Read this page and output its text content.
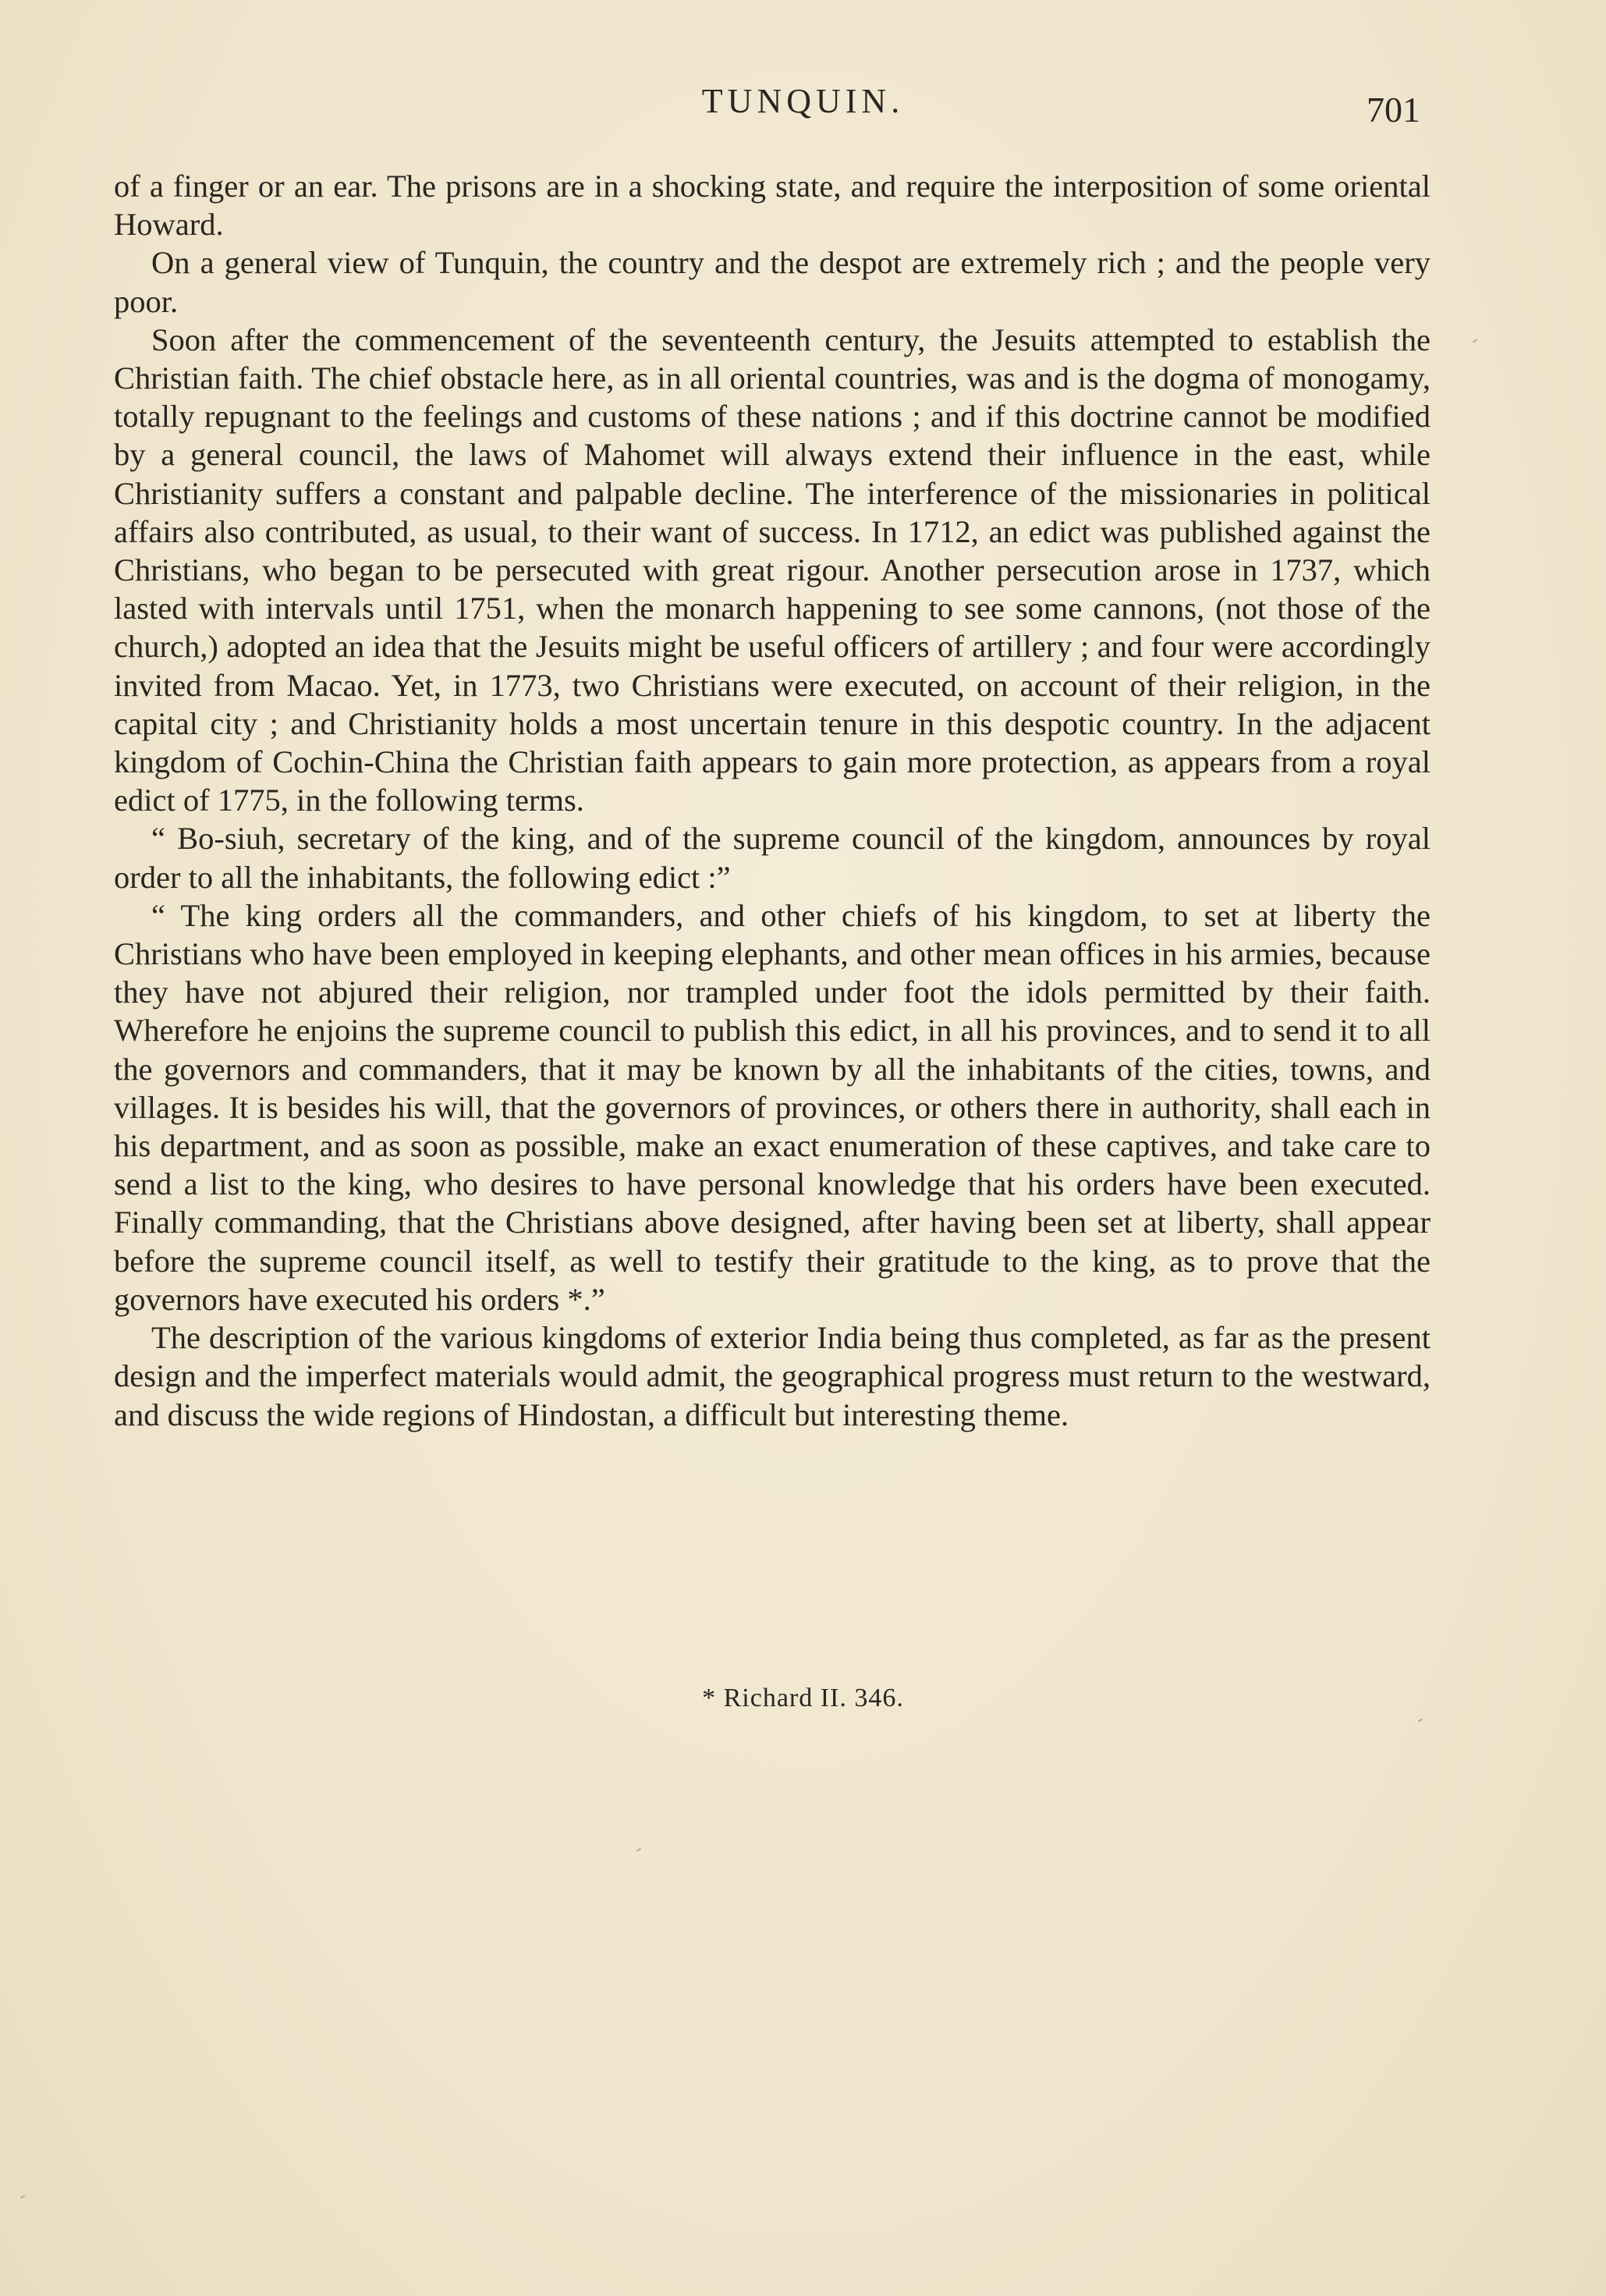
TUNQUIN.	701

of a finger or an ear. The prisons are in a shocking state, and require the interposition of some oriental Howard.

On a general view of Tunquin, the country and the despot are extremely rich ; and the people very poor.

Soon after the commencement of the seventeenth century, the Jesuits attempted to establish the Christian faith. The chief obstacle here, as in all oriental countries, was and is the dogma of monogamy, totally repugnant to the feelings and customs of these nations ; and if this doctrine cannot be modified by a general council, the laws of Mahomet will always extend their influence in the east, while Christianity suffers a constant and palpable decline. The interference of the missionaries in political affairs also contributed, as usual, to their want of success. In 1712, an edict was published against the Christians, who began to be persecuted with great rigour. Another persecution arose in 1737, which lasted with intervals until 1751, when the monarch happening to see some cannons, (not those of the church,) adopted an idea that the Jesuits might be useful officers of artillery ; and four were accordingly invited from Macao. Yet, in 1773, two Christians were executed, on account of their religion, in the capital city ; and Christianity holds a most uncertain tenure in this despotic country. In the adjacent kingdom of Cochin-China the Christian faith appears to gain more protection, as appears from a royal edict of 1775, in the following terms.

“ Bo-siuh, secretary of the king, and of the supreme council of the kingdom, announces by royal order to all the inhabitants, the following edict :”

“ The king orders all the commanders, and other chiefs of his kingdom, to set at liberty the Christians who have been employed in keeping elephants, and other mean offices in his armies, because they have not abjured their religion, nor trampled under foot the idols permitted by their faith. Wherefore he enjoins the supreme council to publish this edict, in all his provinces, and to send it to all the governors and commanders, that it may be known by all the inhabitants of the cities, towns, and villages. It is besides his will, that the governors of provinces, or others there in authority, shall each in his department, and as soon as possible, make an exact enumeration of these captives, and take care to send a list to the king, who desires to have personal knowledge that his orders have been executed. Finally commanding, that the Christians above designed, after having been set at liberty, shall appear before the supreme council itself, as well to testify their gratitude to the king, as to prove that the governors have executed his orders *.”

The description of the various kingdoms of exterior India being thus completed, as far as the present design and the imperfect materials would admit, the geographical progress must return to the westward, and discuss the wide regions of Hindostan, a difficult but interesting theme.

* Richard II. 346.
